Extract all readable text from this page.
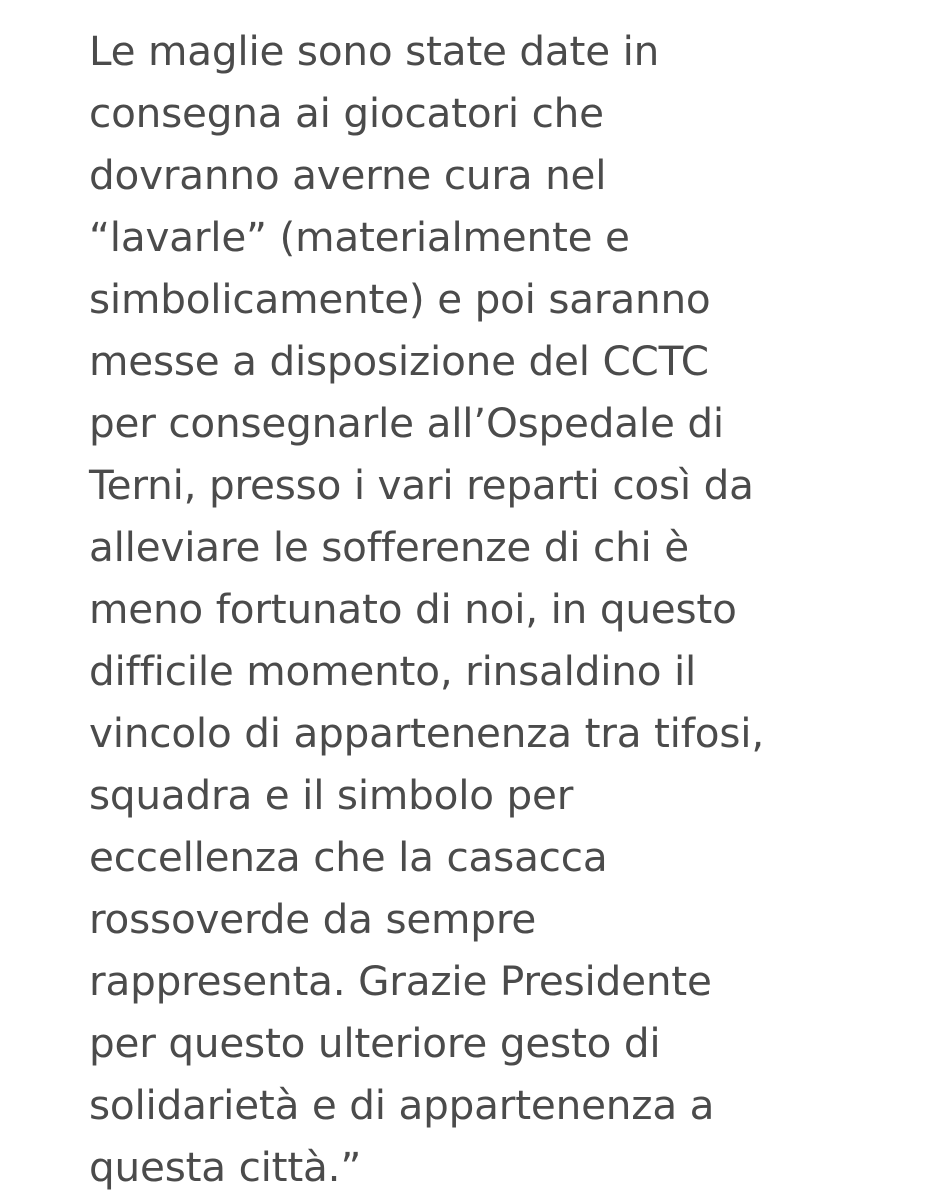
Le maglie sono state date in
consegna ai giocatori che
dovranno averne cura nel
“lavarle” (materialmente e
simbolicamente) e poi saranno
messe a disposizione del CCTC
per consegnarle all’Ospedale di
Terni, presso i vari reparti così da
alleviare le sofferenze di chi è
meno fortunato di noi, in questo
difficile momento, rinsaldino il
vincolo di appartenenza tra tifosi,
squadra e il simbolo per
eccellenza che la casacca
rossoverde da sempre
rappresenta. Grazie Presidente
per questo ulteriore gesto di
solidarietà e di appartenenza a
questa città.”
